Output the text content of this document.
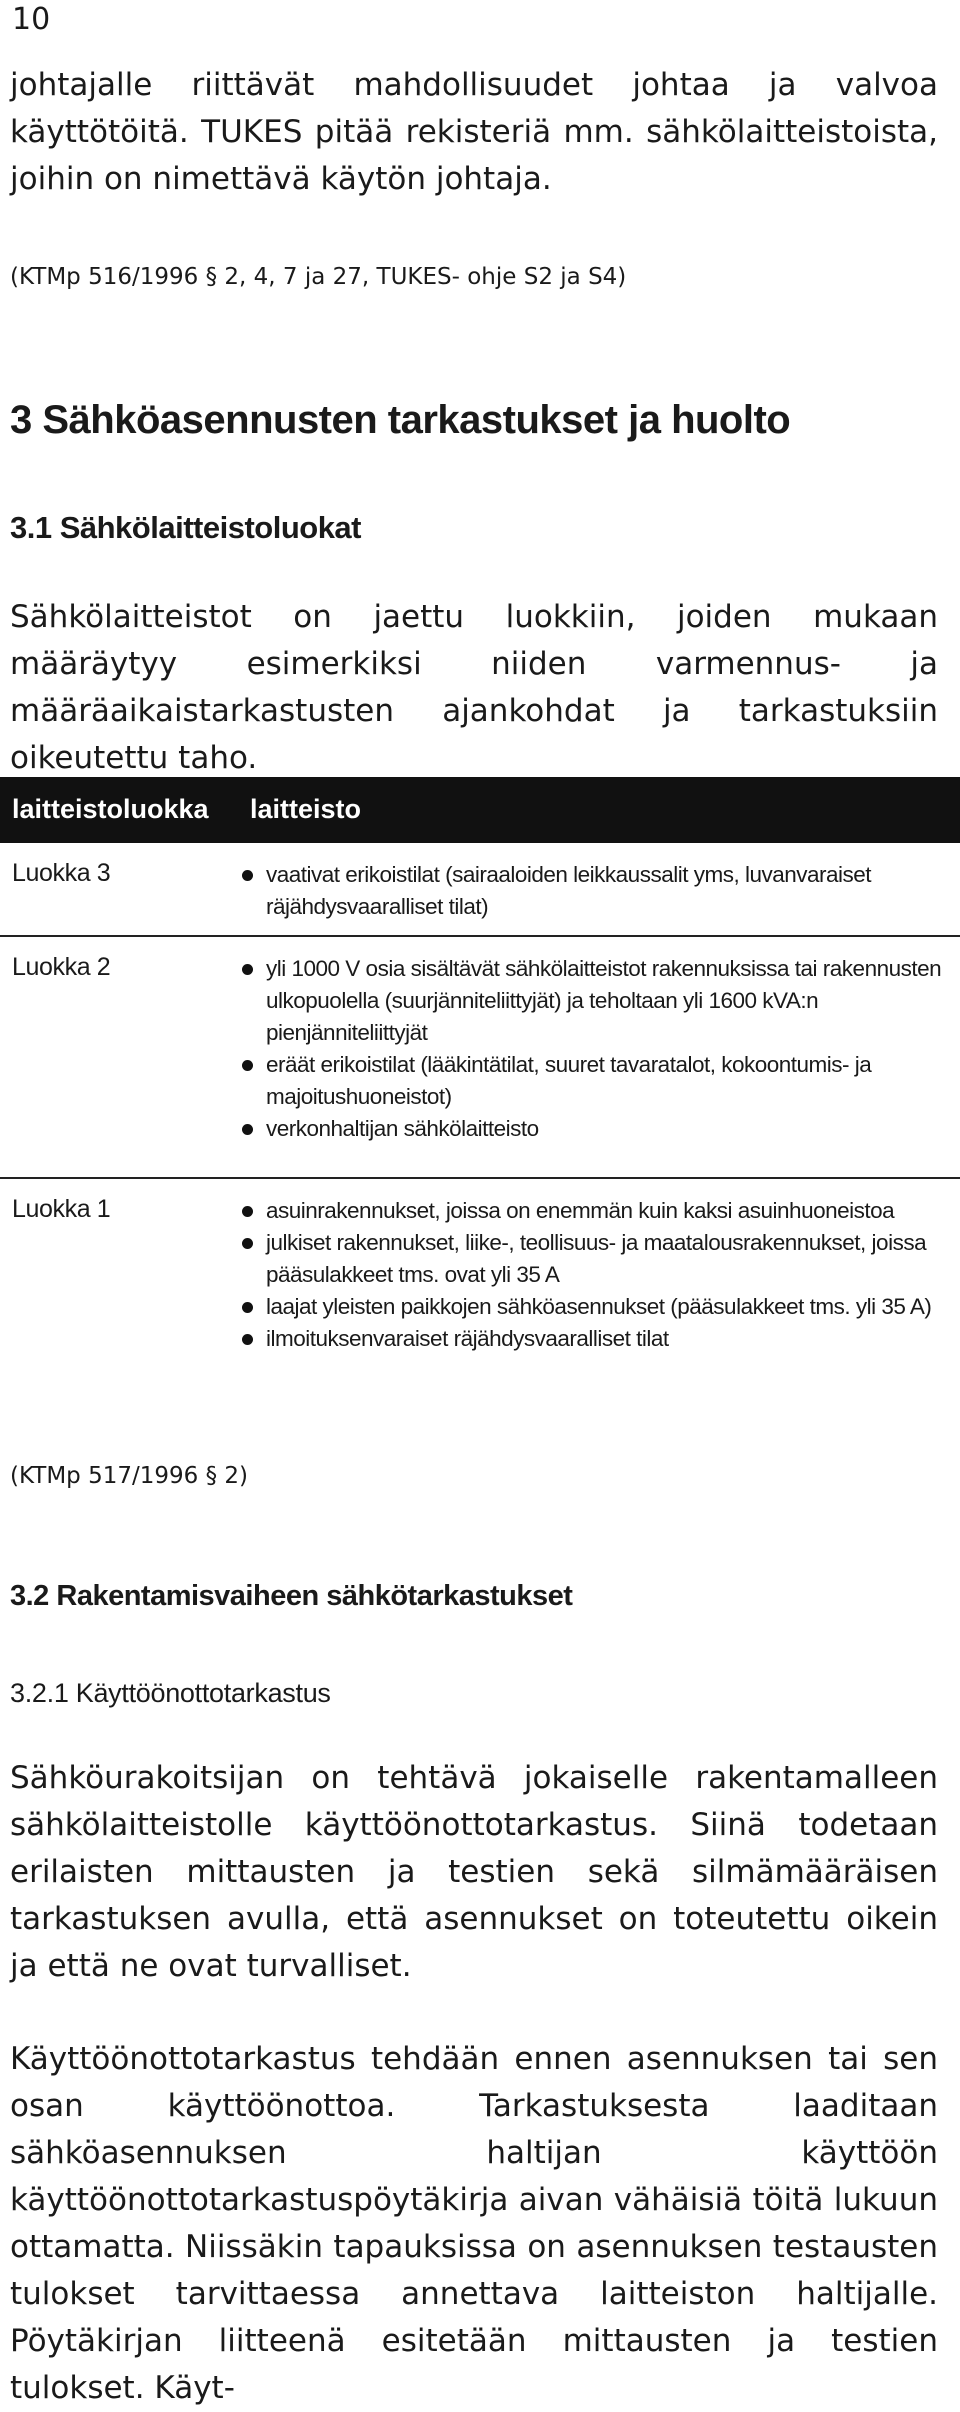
10
johtajalle riittävät mahdollisuudet johtaa ja valvoa käyttötöitä. TUKES pitää rekisteriä mm. sähkölaitteistoista, joihin on nimettävä käytön johtaja.
(KTMp 516/1996 § 2, 4, 7 ja 27, TUKES- ohje S2 ja S4)
3 Sähköasennusten tarkastukset ja huolto
3.1 Sähkölaitteistoluokat
Sähkölaitteistot on jaettu luokkiin, joiden mukaan määräytyy esimerkiksi niiden varmennus- ja määräaikaistarkastusten ajankohdat ja tarkastuksiin oikeutettu taho.
laitteistoluokka laitteisto
Luokka 3	vaativat erikoistilat (sairaaloiden leikkaussalit yms, luvanvaraiset räjähdysvaaralliset tilat)
Luokka 2	yli 1000 V osia sisältävät sähkölaitteistot rakennuksissa tai rakennusten ulkopuolella (suurjänniteliittyjät) ja teholtaan yli 1600 kVA:n pienjänniteliittyjät
eräät erikoistilat (lääkintätilat, suuret tavaratalot, kokoontumis- ja majoitushuoneistot)
verkonhaltijan sähkölaitteisto
Luokka 1	asuinrakennukset, joissa on enemmän kuin kaksi asuinhuoneistoa
julkiset rakennukset, liike-, teollisuus- ja maatalousrakennukset, joissa pääsulakkeet tms. ovat yli 35 A
laajat yleisten paikkojen sähköasennukset (pääsulakkeet tms. yli 35 A)
ilmoituksenvaraiset räjähdysvaaralliset tilat
(KTMp 517/1996 § 2)
3.2 Rakentamisvaiheen sähkötarkastukset
3.2.1 Käyttöönottotarkastus
Sähköurakoitsijan on tehtävä jokaiselle rakentamalleen sähkölaitteistolle käyttöönottotarkastus. Siinä todetaan erilaisten mittausten ja testien sekä silmämääräisen tarkastuksen avulla, että asennukset on toteutettu oikein ja että ne ovat turvalliset.
Käyttöönottotarkastus tehdään ennen asennuksen tai sen osan käyttöönottoa. Tarkastuksesta laaditaan sähköasennuksen haltijan käyttöön käyttöönottotarkastuspöytäkirja aivan vähäisiä töitä lukuun ottamatta. Niissäkin tapauksissa on asennuksen testausten tulokset tarvittaessa annettava laitteiston haltijalle. Pöytäkirjan liitteenä esitetään mittausten ja testien tulokset. Käyt-
